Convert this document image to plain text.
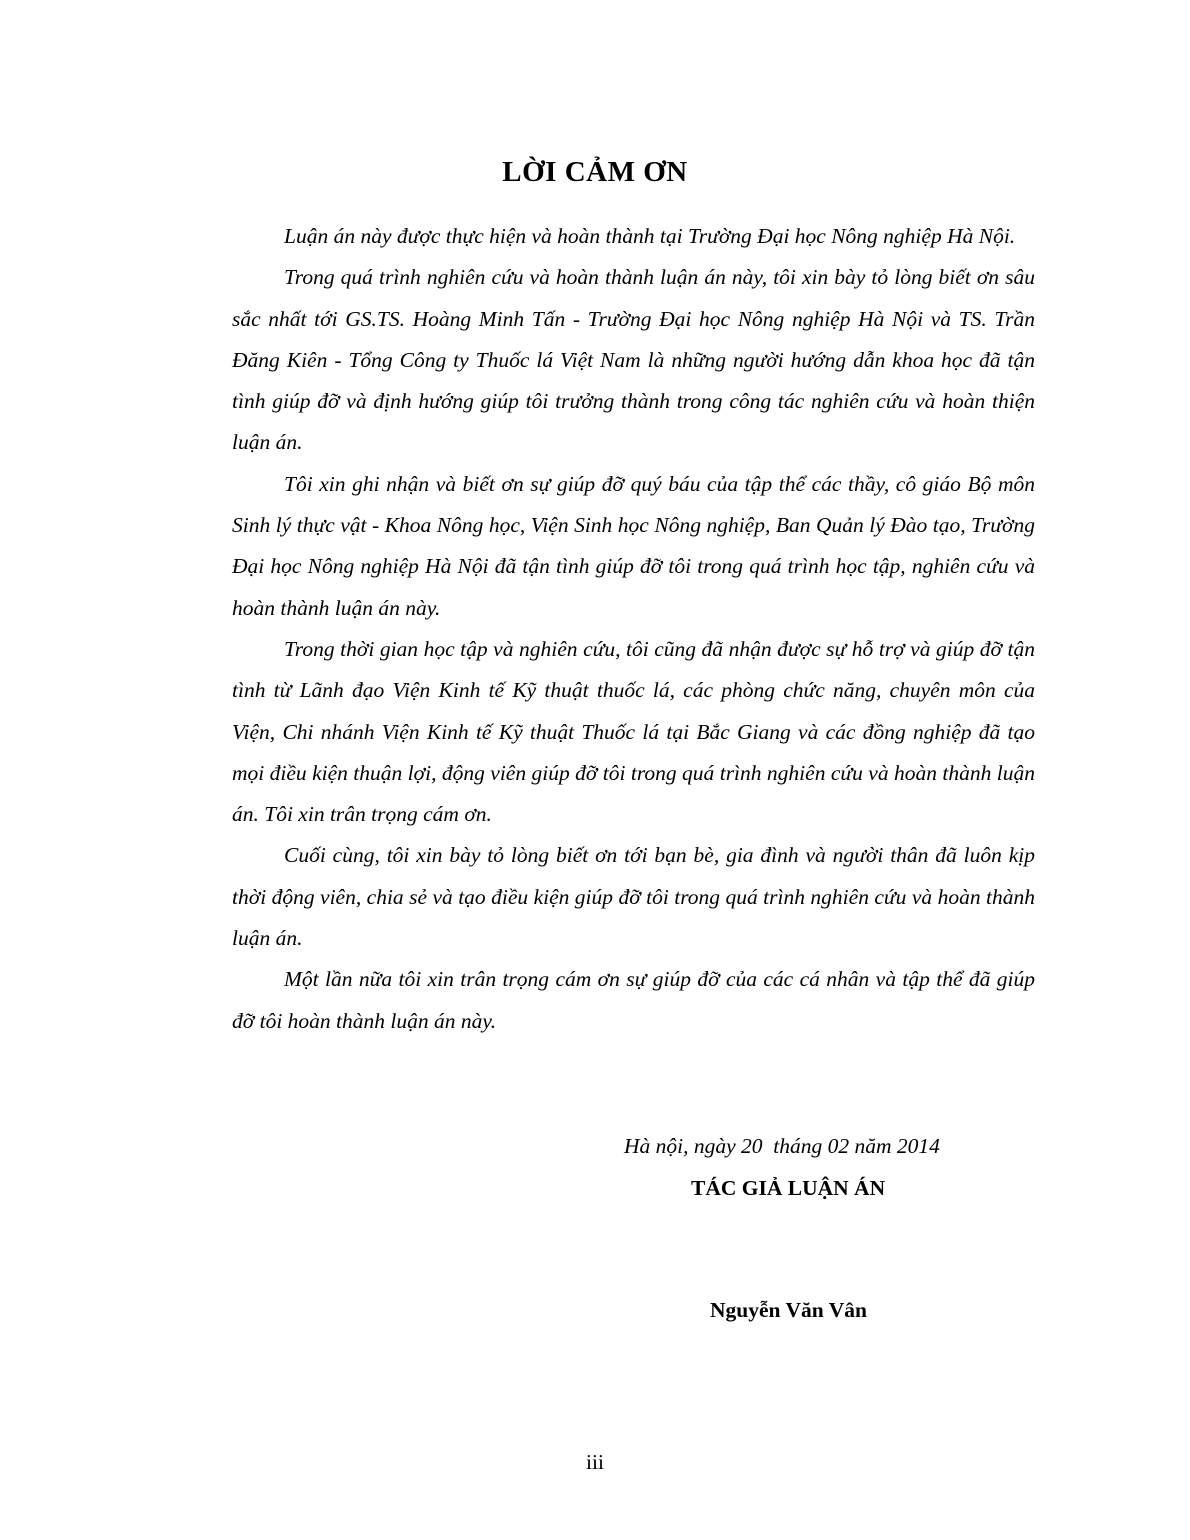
LỜI CẢM ƠN

Luận án này được thực hiện và hoàn thành tại Trường Đại học Nông nghiệp Hà Nội.

Trong quá trình nghiên cứu và hoàn thành luận án này, tôi xin bày tỏ lòng biết ơn sâu sắc nhất tới GS.TS. Hoàng Minh Tấn - Trường Đại học Nông nghiệp Hà Nội và TS. Trần Đăng Kiên - Tổng Công ty Thuốc lá Việt Nam là những người hướng dẫn khoa học đã tận tình giúp đỡ và định hướng giúp tôi trưởng thành trong công tác nghiên cứu và hoàn thiện luận án.

Tôi xin ghi nhận và biết ơn sự giúp đỡ quý báu của tập thể các thầy, cô giáo Bộ môn Sinh lý thực vật - Khoa Nông học, Viện Sinh học Nông nghiệp, Ban Quản lý Đào tạo, Trường Đại học Nông nghiệp Hà Nội đã tận tình giúp đỡ tôi trong quá trình học tập, nghiên cứu và hoàn thành luận án này.

Trong thời gian học tập và nghiên cứu, tôi cũng đã nhận được sự hỗ trợ và giúp đỡ tận tình từ Lãnh đạo Viện Kinh tế Kỹ thuật thuốc lá, các phòng chức năng, chuyên môn của Viện, Chi nhánh Viện Kinh tế Kỹ thuật Thuốc lá tại Bắc Giang và các đồng nghiệp đã tạo mọi điều kiện thuận lợi, động viên giúp đỡ tôi trong quá trình nghiên cứu và hoàn thành luận án. Tôi xin trân trọng cám ơn.

Cuối cùng, tôi xin bày tỏ lòng biết ơn tới bạn bè, gia đình và người thân đã luôn kịp thời động viên, chia sẻ và tạo điều kiện giúp đỡ tôi trong quá trình nghiên cứu và hoàn thành luận án.

Một lần nữa tôi xin trân trọng cám ơn sự giúp đỡ của các cá nhân và tập thể đã giúp đỡ tôi hoàn thành luận án này.

Hà nội, ngày 20  tháng 02 năm 2014
TÁC GIẢ LUẬN ÁN
Nguyễn Văn Vân
iii
